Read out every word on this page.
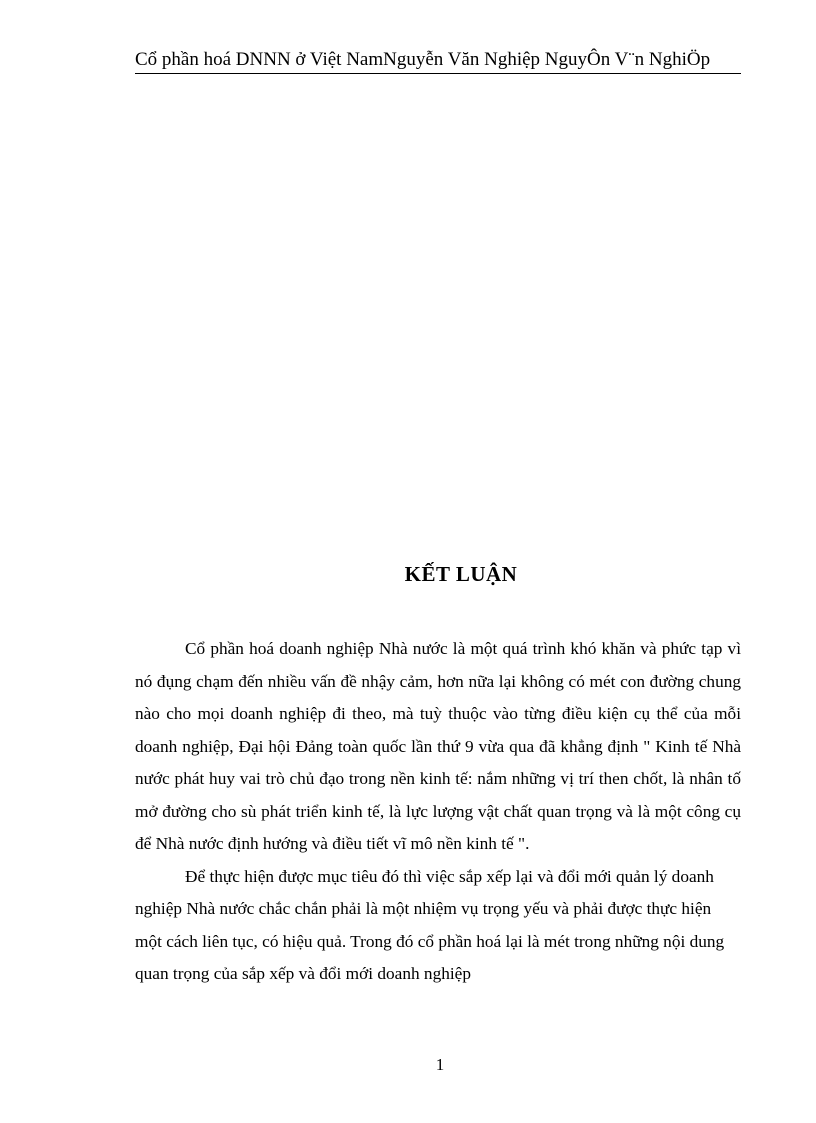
Cổ phần hoá DNNN ở Việt NamNguyễn Văn Nghiệp NguyÔn V¨n NghiÖp
KẾT LUẬN

Cổ phần hoá doanh nghiệp Nhà nước là một quá trình khó khăn và phức tạp vì nó đụng chạm đến nhiều vấn đề nhậy cảm, hơn nữa lại không có mét con đường chung nào cho mọi doanh nghiệp đi theo, mà tuỳ thuộc vào từng điều kiện cụ thể của mỗi doanh nghiệp, Đại hội Đảng toàn quốc lần thứ 9 vừa qua đã khẳng định " Kinh tế Nhà nước phát huy vai trò chủ đạo trong nền kinh tế: nắm những vị trí then chốt, là nhân tố mở đường cho sù phát triển kinh tế, là lực lượng vật chất quan trọng và là một công cụ để Nhà nước định hướng và điều tiết vĩ mô nền kinh tế ".

Để thực hiện được mục tiêu đó thì việc sắp xếp lại và đổi mới quản lý doanh nghiệp Nhà nước chắc chắn phải là một nhiệm vụ trọng yếu và phải được thực hiện một cách liên tục, có hiệu quả. Trong đó cổ phần hoá lại là mét trong những nội dung quan trọng của sắp xếp và đổi mới doanh nghiệp

1
